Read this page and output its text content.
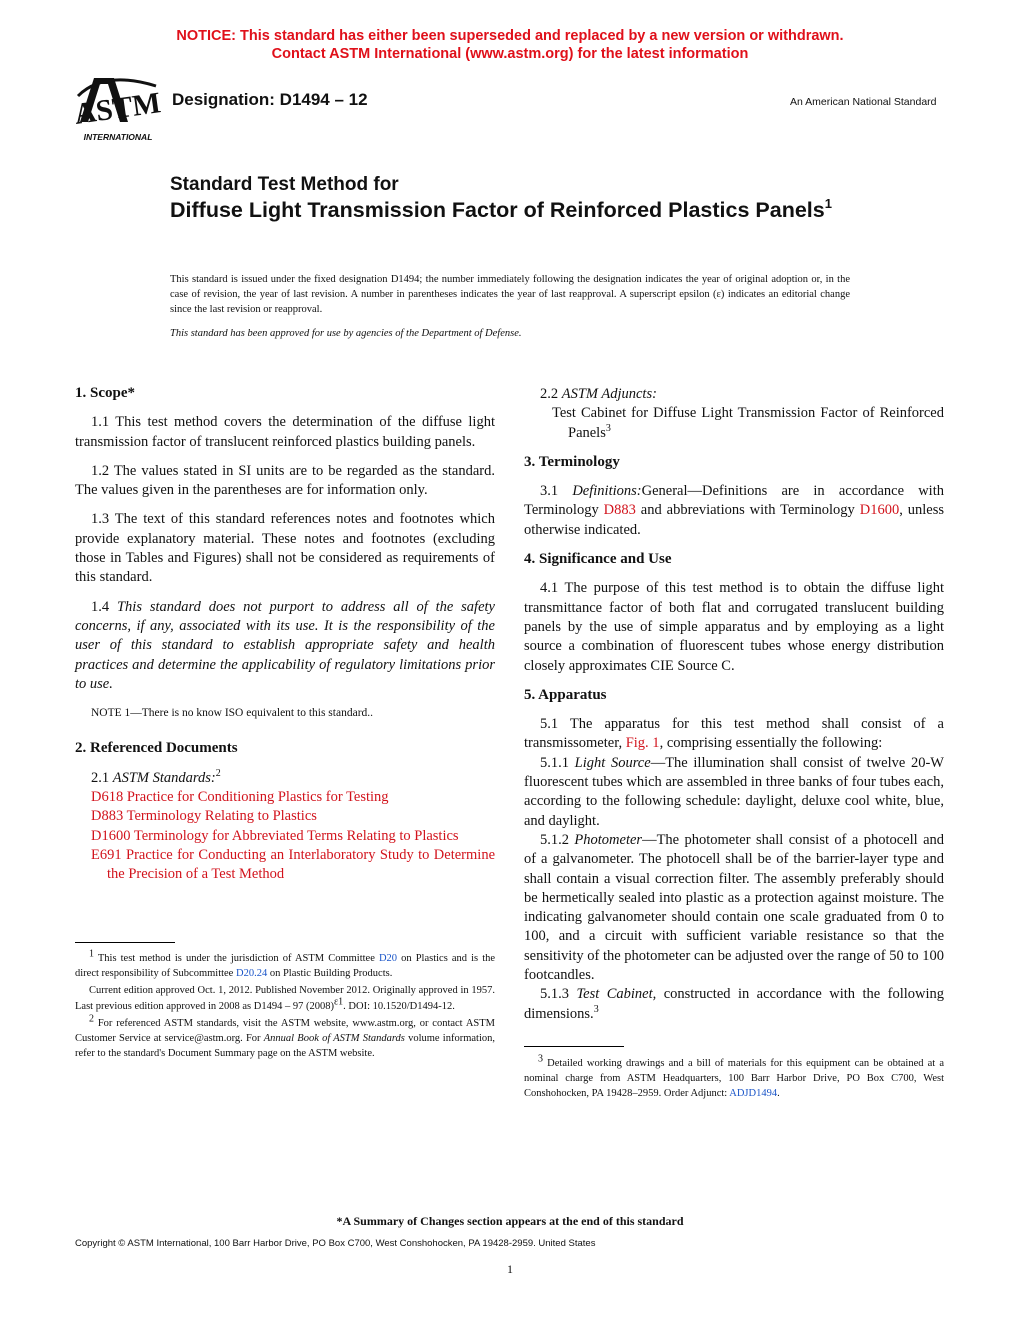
NOTICE: This standard has either been superseded and replaced by a new version or withdrawn.
Contact ASTM International (www.astm.org) for the latest information
ASTM
INTERNATIONAL
Designation: D1494 – 12	An American National Standard
Standard Test Method for
Diffuse Light Transmission Factor of Reinforced Plastics Panels$^1$
This standard is issued under the fixed designation D1494; the number immediately following the designation indicates the year of original adoption or, in the case of revision, the year of last revision. A number in parentheses indicates the year of last reapproval. A superscript epsilon (ε) indicates an editorial change since the last revision or reapproval.
This standard has been approved for use by agencies of the Department of Defense.

1. Scope*

1.1 This test method covers the determination of the diffuse light transmission factor of translucent reinforced plastics building panels.

1.2 The values stated in SI units are to be regarded as the standard. The values given in the parentheses are for information only.

1.3 The text of this standard references notes and footnotes which provide explanatory material. These notes and footnotes (excluding those in Tables and Figures) shall not be considered as requirements of this standard.

1.4 This standard does not purport to address all of the safety concerns, if any, associated with its use. It is the responsibility of the user of this standard to establish appropriate safety and health practices and determine the applicability of regulatory limitations prior to use.

NOTE 1—There is no know ISO equivalent to this standard..

2. Referenced Documents

2.1 ASTM Standards:$^2$

D618 Practice for Conditioning Plastics for Testing

D883 Terminology Relating to Plastics

D1600 Terminology for Abbreviated Terms Relating to Plastics

E691 Practice for Conducting an Interlaboratory Study to Determine the Precision of a Test Method

$^1$ This test method is under the jurisdiction of ASTM Committee D20 on Plastics and is the direct responsibility of Subcommittee D20.24 on Plastic Building Products.

Current edition approved Oct. 1, 2012. Published November 2012. Originally approved in 1957. Last previous edition approved in 2008 as D1494 – 97 $(2008)^{\varepsilon 1}$. DOI: 10.1520/D1494-12.

$^2$ For referenced ASTM standards, visit the ASTM website, www.astm.org, or contact ASTM Customer Service at service@astm.org. For Annual Book of ASTM Standards volume information, refer to the standard's Document Summary page on the ASTM website.

2.2 ASTM Adjuncts:

Test Cabinet for Diffuse Light Transmission Factor of Reinforced Panels$^3$

3. Terminology

3.1 Definitions:General—Definitions are in accordance with Terminology D883 and abbreviations with Terminology D1600, unless otherwise indicated.

4. Significance and Use

4.1 The purpose of this test method is to obtain the diffuse light transmittance factor of both flat and corrugated translucent building panels by the use of simple apparatus and by employing as a light source a combination of fluorescent tubes whose energy distribution closely approximates CIE Source C.

5. Apparatus

5.1 The apparatus for this test method shall consist of a transmissometer, Fig. 1, comprising essentially the following:

5.1.1 Light Source—The illumination shall consist of twelve 20-W fluorescent tubes which are assembled in three banks of four tubes each, according to the following schedule: daylight, deluxe cool white, blue, and daylight.

5.1.2 Photometer—The photometer shall consist of a photocell and of a galvanometer. The photocell shall be of the barrier-layer type and shall contain a visual correction filter. The assembly preferably should be hermetically sealed into plastic as a protection against moisture. The indicating galvanometer should contain one scale graduated from 0 to 100, and a circuit with sufficient variable resistance so that the sensitivity of the photometer can be adjusted over the range of 50 to 100 footcandles.

5.1.3 Test Cabinet, constructed in accordance with the following dimensions.$^3$

$^3$ Detailed working drawings and a bill of materials for this equipment can be obtained at a nominal charge from ASTM Headquarters, 100 Barr Harbor Drive, PO Box C700, West Conshohocken, PA 19428–2959. Order Adjunct: ADJD1494.

*A Summary of Changes section appears at the end of this standard
Copyright © ASTM International, 100 Barr Harbor Drive, PO Box C700, West Conshohocken, PA 19428-2959. United States
1
